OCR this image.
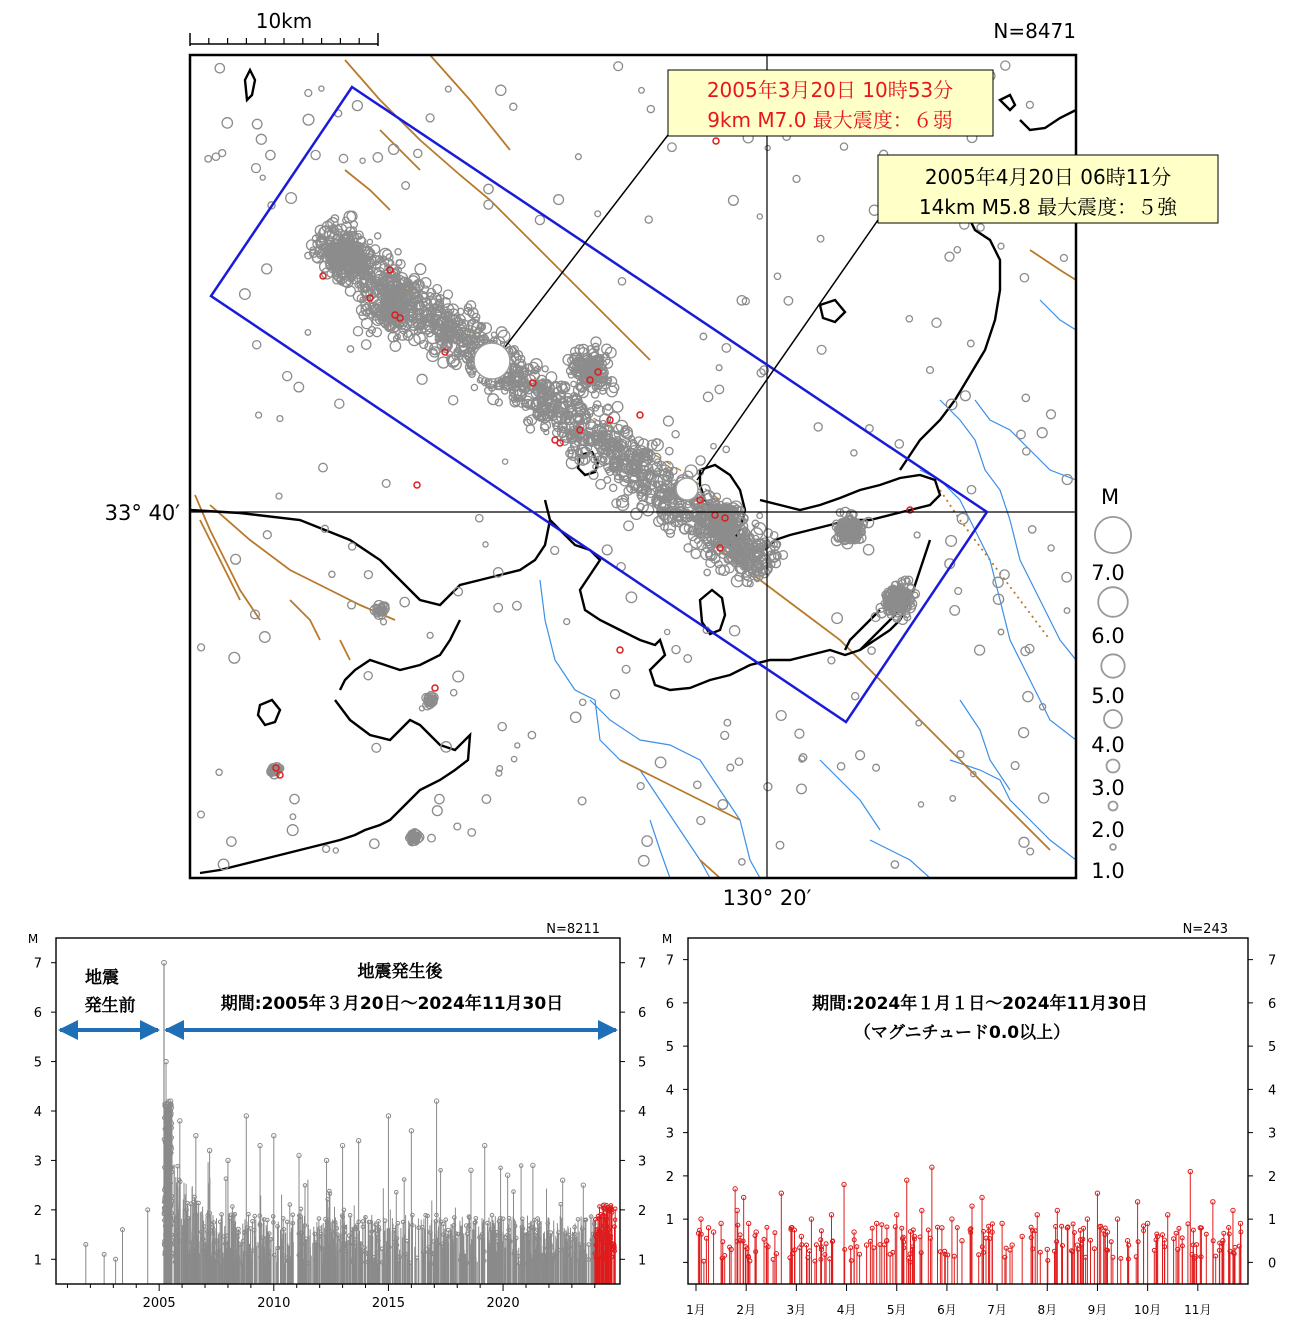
10km	N=8471
33° 40′
130° 20′
2005年3月20日 10時53分
9km M7.0 最大震度：６弱
2005年4月20日 06時11分
14km M5.8 最大震度：５強
M
7.0
6.0
5.0
4.0
3.0
2.0
1.0
M
N=8211
1	1
2	2
3	3
4	4
5	5
6	6
7	7
2005	2010	2015	2020
地震
発生前
地震発生後
期間:2005年３月20日～2024年11月30日
M
N=243
0
1	1
2	2
3	3
4	4
5	5
6	6
7	7
1月	2月	3月	4月	5月	6月	7月	8月	9月 10月 11月
期間:2024年１月１日～2024年11月30日
（マグニチュード0.0以上）
